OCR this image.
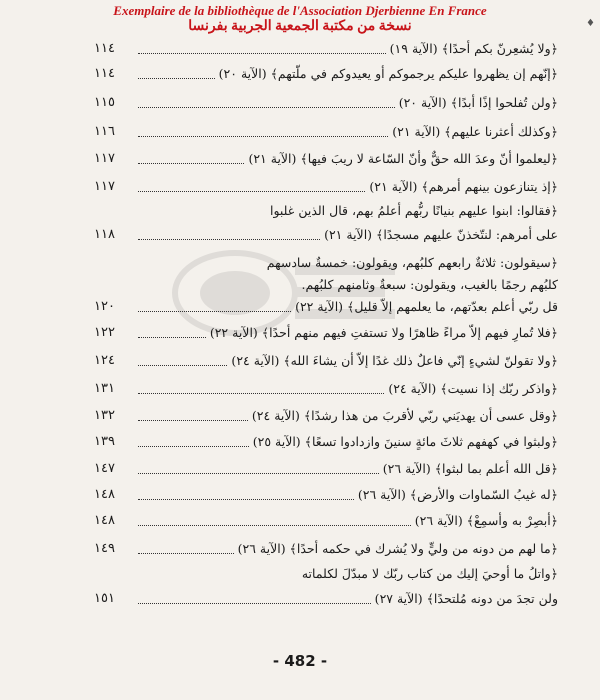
Exemplaire de la bibliothèque de l'Association Djerbienne En France
نسخة من مكتبة الجمعية الجربية بفرنسا	♦
﴿ولا يُشعِرنّ بكم أحدًا﴾ (الآية ١٩)
١١٤
﴿إنّهم إن يظهروا عليكم يرجموكم أو يعيدوكم في ملّتهم﴾ (الآية ٢٠)
١١٤
﴿ولن تُفلحوا إذًا أبدًا﴾ (الآية ٢٠)
١١٥
﴿وكذلك أعثرنا عليهم﴾ (الآية ٢١)
١١٦
﴿ليعلموا أنّ وعدَ الله حقٌّ وأنّ السّاعة لا ريبَ فيها﴾ (الآية ٢١)
١١٧
﴿إذ يتنازعون بينهم أمرهم﴾ (الآية ٢١)
١١٧
﴿فقالوا: ابنوا عليهم بنيانًا ربُّهم أعلمُ بهم، قال الذين غلبوا
على أمرهم: لنتّخذنّ عليهم مسجدًا﴾ (الآية ٢١)
١١٨
﴿سيقولون: ثلاثةٌ رابعهم كلبُهم، ويقولون: خمسةٌ سادسهم
كلبُهم رجمًا بالغيب، ويقولون: سبعةٌ وثامنهم كلبُهم.
قل ربّي أعلم بعدّتهم، ما يعلمهم إلاّ قليل﴾ (الآية ٢٢)
١٢٠
﴿فلا تُمارِ فيهم إلاّ مراءً ظاهرًا ولا تستفتِ فيهم منهم أحدًا﴾ (الآية ٢٢)
١٢٢
﴿ولا تقولنّ لشيءٍ إنّي فاعلٌ ذلك غدًا إلاّ أن يشاءَ الله﴾ (الآية ٢٤)
١٢٤
﴿واذكر ربّك إذا نسيت﴾ (الآية ٢٤)
١٣١
﴿وقل عسى أن يهديَني ربّي لأقربَ من هذا رشدًا﴾ (الآية ٢٤)
١٣٢
﴿ولبثوا في كهفهم ثلاثَ مائةٍ سنينَ وازدادوا تسعًا﴾ (الآية ٢٥)
١٣٩
﴿قل الله أعلم بما لبثوا﴾ (الآية ٢٦)
١٤٧
﴿له غيبُ السّماوات والأرض﴾ (الآية ٢٦)
١٤٨
﴿أبصِرْ به وأسمِعْ﴾ (الآية ٢٦)
١٤٨
﴿ما لهم من دونه من وليٍّ ولا يُشرك في حكمه أحدًا﴾ (الآية ٢٦)
١٤٩
﴿واتلُ ما أوحيَ إليك من كتاب ربّك لا مبدّلَ لكلماته
ولن تجدَ من دونه مُلتحدًا﴾ (الآية ٢٧)
١٥١
- 482 -
